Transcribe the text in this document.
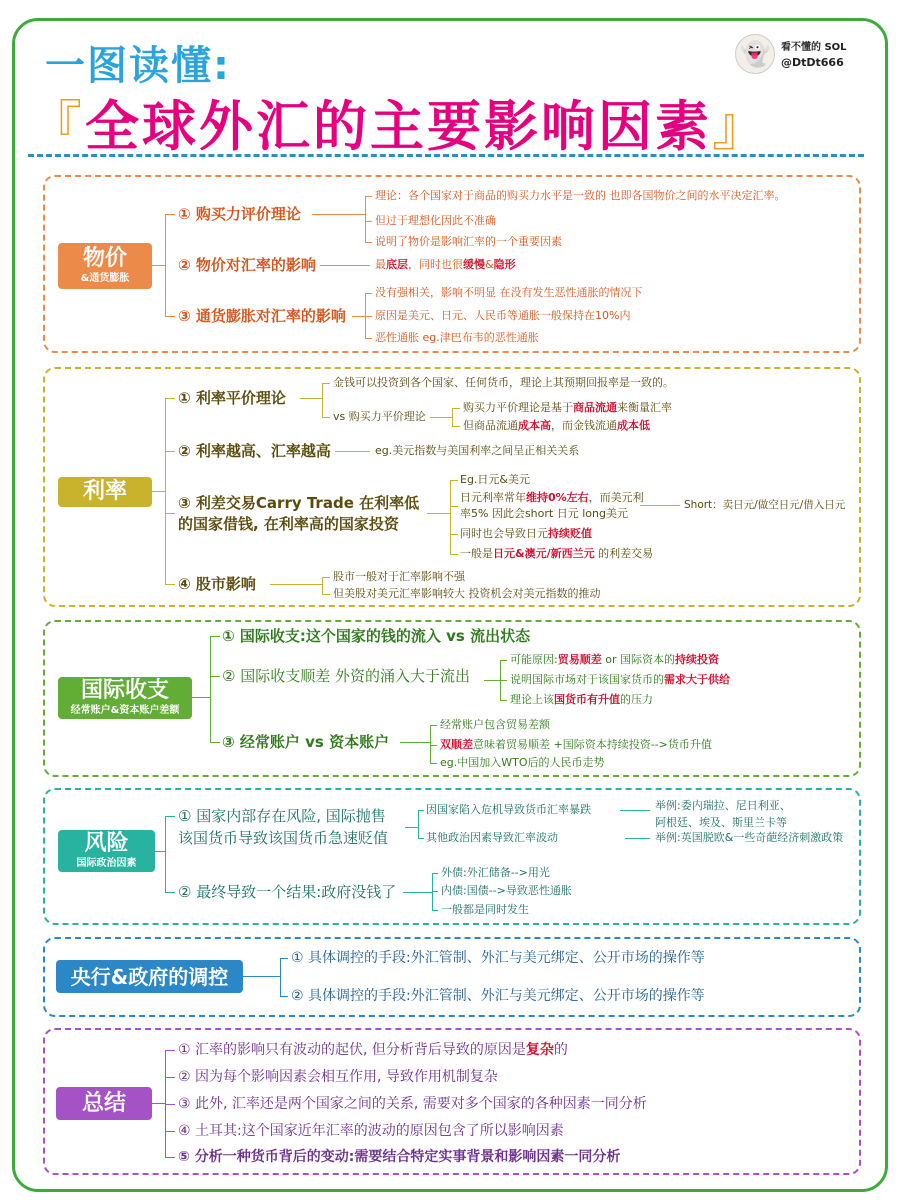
一图读懂:
『全球外汇的主要影响因素』
👻	看不懂的 SOL
@DtDt666
物价
&通货膨胀
① 购买力评价理论
② 物价对汇率的影响
③ 通货膨胀对汇率的影响
理论：各个国家对于商品的购买力水平是一致的 也即各国物价之间的水平决定汇率。
但过于理想化因此不准确
说明了物价是影响汇率的一个重要因素
最底层，同时也很缓慢&隐形
没有强相关，影响不明显 在没有发生恶性通胀的情况下
原因是美元、日元、人民币等通胀一般保持在10%内
恶性通胀 eg.津巴布韦的恶性通胀
利率
① 利率平价理论
② 利率越高、汇率越高
③ 利差交易Carry Trade 在利率低
的国家借钱, 在利率高的国家投资
④ 股市影响
金钱可以投资到各个国家、任何货币，理论上其预期回报率是一致的。
vs 购买力平价理论
购买力平价理论是基于商品流通来衡量汇率
但商品流通成本高，而金钱流通成本低
eg.美元指数与美国利率之间呈正相关关系
Eg.日元&美元
日元利率常年维持0%左右，而美元利
率5% 因此会short 日元 long美元
同时也会导致日元持续贬值
一般是日元&澳元/新西兰元 的利差交易
Short：卖日元/做空日元/借入日元
股市一般对于汇率影响不强
但美股对美元汇率影响较大 投资机会对美元指数的推动
国际收支
经常账户&资本账户差额
① 国际收支:这个国家的钱的流入 vs 流出状态
② 国际收支顺差 外资的涌入大于流出
③ 经常账户 vs 资本账户
可能原因:贸易顺差 or 国际资本的持续投资
说明国际市场对于该国家货币的需求大于供给
理论上该国货币有升值的压力
经常账户包含贸易差额
双顺差意味着贸易顺差 +国际资本持续投资-->货币升值
eg.中国加入WTO后的人民币走势
风险
国际政治因素
① 国家内部存在风险, 国际抛售
该国货币导致该国货币急速贬值
② 最终导致一个结果:政府没钱了
因国家陷入危机导致货币汇率暴跌
其他政治因素导致汇率波动
举例:委内瑞拉、尼日利亚、
阿根廷、埃及、斯里兰卡等
举例:英国脱欧&一些奇葩经济刺激政策
外债:外汇储备-->用光
内债:国债-->导致恶性通胀
一般都是同时发生
央行&政府的调控
① 具体调控的手段:外汇管制、外汇与美元绑定、公开市场的操作等
② 具体调控的手段:外汇管制、外汇与美元绑定、公开市场的操作等
总结
① 汇率的影响只有波动的起伏, 但分析背后导致的原因是复杂的
② 因为每个影响因素会相互作用, 导致作用机制复杂
③ 此外, 汇率还是两个国家之间的关系, 需要对多个国家的各种因素一同分析
④ 土耳其:这个国家近年汇率的波动的原因包含了所以影响因素
⑤ 分析一种货币背后的变动:需要结合特定实事背景和影响因素一同分析
